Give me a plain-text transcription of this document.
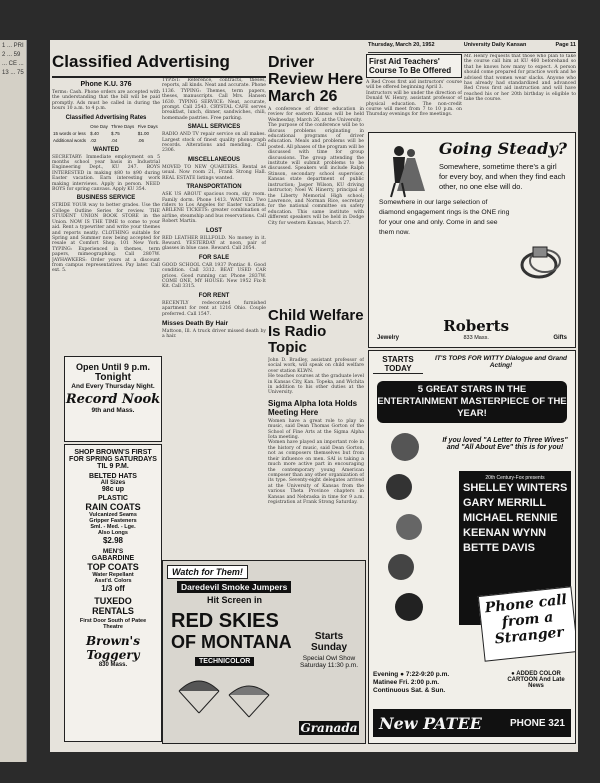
1 ... PRI 2 ... 59 ... CE ... 13 ... 75
Thursday, March 20, 1952	University Daily Kansan	Page 11
Classified Advertising
Phone K.U. 376
Terms: Cash. Phone orders are accepted with the understanding that the bill will be paid promptly. Ads must be called in during the hours 10 a.m. to 4 p.m.
Classified Advertising Rates
	One Day	Three Days	Five Days
15 words or less	$.40	$.75	$1.00
Additional words	.02	.04	.06
WANTED
SECRETARY: Immediate employment on 5 months school year basis in Industrial Engineering Dept., KU 247. BOYS INTERESTED in making $80 to $90 during Easter vacation. Earn interesting work making interviews. Apply in person. NEED BOYS for spring canvass. Apply KU 354.
BUSINESS SERVICE
STRIDE YOUR way to better grades. Use the College Outline Series for review. THE STUDENT UNION BOOK STORE in the Union. NOW IS THE TIME to come to your aid. Rent a typewriter and write your themes and reports neatly. CLOTHING suitable for Spring and Summer now being accepted for resale at Comfort Shop, 101 New York. TYPING: Experienced in themes, term papers, mimeographing. Call 2807W. JAYHAWKERS: Order yours at a discount from campus representatives. Pay later. Call ext. 5.
TYPIST: Reference, contracts, theses, reports, all kinds. Neat and accurate. Phone 1136. TYPING: Themes, term papers, theses, manuscripts. Call Mrs. Hansen 1630. TYPING SERVICE: Neat, accurate, prompt. Call 2543. CRYSTAL CAFE serves breakfast, lunch, dinner, sandwiches, chili, homemade pastries. Free parking.
SMALL SERVICES
RADIO AND TV repair service on all makes. Largest stock of finest quality phonograph records. Alterations and mending. Call 2306.
MISCELLANEOUS
MOVED TO NEW QUARTERS. Rental as usual. Now room 21, Frank Strong Hall. REAL ESTATE listings wanted.
TRANSPORTATION
ASK US ABOUT spacious room, sky room. Family dorm. Phone 1413. WANTED: Two riders to Los Angeles for Easter vacation. ABILENE TICKETS: greater combination of airline, steamship and bus reservations. Call Robert Martin.
LOST
RED LEATHER BILLFOLD. No money in it. Reward. YESTERDAY at noon, pair of glasses in blue case. Reward. Call 2054.
FOR SALE
GOOD SCHOOL CAR 1937 Pontiac 8. Good condition. Call 3312. BEAT USED CAR prices. Good running car. Phone 2837W. COME ONE, MY HOUSE: New 1952 Fix-It Kit. Call 3315.
FOR RENT
RECENTLY redecorated furnished apartment for rent at 1216 Ohio. Couple preferred. Call 1547.
Misses Death By Hair
Mattoon, Ill. A truck driver missed death by a hair.
Driver Review Here March 26
A conference of driver education in review for eastern Kansas will be held Wednesday, March 26, at the University.
The purpose of the conference will be to discuss problems originating in educational programs of driver education. Meals and problems will be posted. All phases of the program will be discussed with time for group discussions. The group attending the institute will submit problems to be discussed. Speakers will include Ralph Stinson, secondary school supervisor, Kansas state department of public instruction; Jasper Wilson, KU driving instructor; Noel W. Hinerry, principal of the Liberty Memorial High school; Lawrence, and Norman Rice, secretary for the national committee on safety education. This same institute with different speakers will be held in Dodge City for western Kansas, March 27.
Child Welfare Is Radio Topic
John D. Bradley, assistant professor of social work, will speak on child welfare over station KLWN.
He teaches courses at the graduate level in Kansas City, Kan. Topeka, and Wichita in addition to his other duties at the University.
Sigma Alpha Iota Holds Meeting Here
Women have a great role to play in music, said Dean Thomas Gorton of the School of Fine Arts at the Sigma Alpha Iota meeting.
Women have played an important role in the history of music, said Dean Gorton, not as composers themselves but from their influence on men. SAI is taking a much more active part in encouraging the contemporary young American composer than any other organization of its type. Seventy-eight delegates arrived at the University of Kansas from the various Theta Province chapters in Kansas and Nebraska in time for 9 a.m. registration at Frank Strong Saturday.
First Aid Teachers' Course To Be Offered
A Red Cross first aid instructors' course will be offered beginning April 3.
Instructors will be under the direction of Donald W. Henry, assistant professor of physical education. The non-credit course will meet from 7 to 10 p.m. on Thursday evenings for five meetings.
Mr. Henry requests that those who plan to take the course call him at KU 460 beforehand so that he knows how many to expect. A person should come prepared for practice work and he advised that women wear slacks. Anyone who has already had standardized and advanced Red Cross first aid instruction and will have reached his or her 20th birthday is eligible to take the course.
Going Steady?
Somewhere, sometime there's a girl for every boy, and when they find each other, no one else will do.
Somewhere in our large selection of diamond engagement rings is the ONE ring for your one and only. Come in and see them now.
Jewelry
Roberts
833 Mass.	Gifts
Open Until 9 p.m.
Tonight
And Every Thursday Night.
Record Nook
9th and Mass.
SHOP BROWN'S FIRST
FOR SPRING SATURDAYS
TIL 9 P.M.
BELTED HATS
All Sizes
98c up
PLASTIC
RAIN COATS
Vulcanized Seams
Gripper Fasteners
Sml. - Med. - Lge.
Also Longs
$2.98
MEN'S
GABARDINE
TOP COATS
Water Repellant
Asst'd. Colors
1/3 off
TUXEDO
RENTALS
First Door South of Patee Theatre
Brown's Toggery
830 Mass.
Watch for Them!
Daredevil Smoke Jumpers
Hit Screen in
RED SKIES
OF MONTANA
TECHNICOLOR
Starts
Sunday
Special Owl Show Saturday 11:30 p.m.
Granada
STARTS TODAY
IT'S TOPS FOR WITTY Dialogue and Grand Acting!
5 GREAT STARS IN THE ENTERTAINMENT MASTERPIECE OF THE YEAR!
If you loved "A Letter to Three Wives" and "All About Eve" this is for you!
20th Century-Fox presents
SHELLEY WINTERS
GARY MERRILL
MICHAEL RENNIE
KEENAN WYNN
BETTE DAVIS
Phone call from a Stranger
Evening ● 7:22-9:20 p.m.
Matinee Fri. 2:00 p.m.
Continuous Sat. & Sun.
● ADDED COLOR CARTOON And Late News
New PATEE	PHONE 321
